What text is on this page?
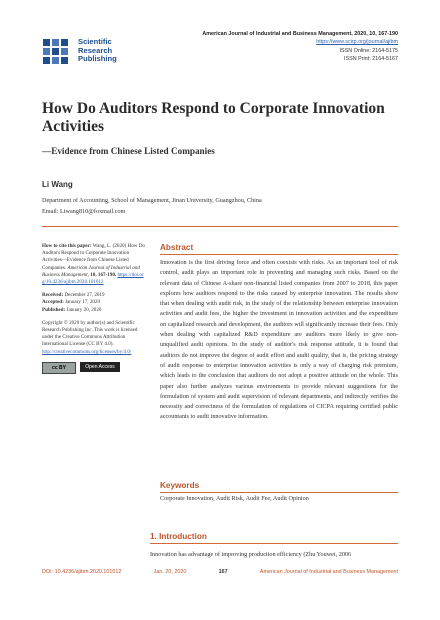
Scientific
Research
Publishing
American Journal of Industrial and Business Management, 2020, 10, 167-190
https://www.scirp.org/journal/ajibm
ISSN Online: 2164-5175
ISSN Print: 2164-5167
How Do Auditors Respond to Corporate Innovation Activities
—Evidence from Chinese Listed Companies
Li Wang
Department of Accounting, School of Management, Jinan University, Guangzhou, China
Email: Liwang810@foxmail.com

How to cite this paper: Wang, L. (2020) How Do Auditors Respond to Corporate Innovation Activities—Evidence from Chinese Listed Companies. American Journal of Industrial and Business Management, 10, 167-190. https://doi.org/10.4236/ajibm.2020.101012

Received: December 27, 2019
Accepted: January 17, 2020
Published: January 20, 2020

Copyright © 2020 by author(s) and Scientific Research Publishing Inc. This work is licensed under the Creative Commons Attribution International License (CC BY 4.0).
http://creativecommons.org/licenses/by/4.0/

cc BY	Open Access
Abstract
Innovation is the first driving force and often coexists with risks. As an important tool of risk control, audit plays an important role in preventing and managing such risks. Based on the relevant data of Chinese A-share non-financial listed companies from 2007 to 2018, this paper explores how auditors respond to the risks caused by enterprise innovation. The results show that when dealing with audit risk, in the study of the relationship between enterprise innovation activities and audit fees, the higher the investment in innovation activities and the expenditure on capitalized research and development, the auditors will significantly increase their fees. Only when dealing with capitalized R&D expenditure are auditors more likely to give non-unqualified audit opinions. In the study of auditor's risk response attitude, it is found that auditors do not improve the degree of audit effort and audit quality, that is, the pricing strategy of audit response to enterprise innovation activities is only a way of charging risk premium, which leads to the conclusion that auditors do not adopt a positive attitude on the whole. This paper also further analyzes various environments to provide relevant suggestions for the formulation of system and audit supervision of relevant departments, and indirectly verifies the necessity and correctness of the formulation of regulations of CICPA requiring certified public accountants to audit innovative information.
Keywords
Corporate Innovation, Audit Risk, Audit Fee, Audit Opinion
1. Introduction
Innovation has advantage of improving production efficiency (Zhu Youwei, 2006
DOI: 10.4236/ajibm.2020.101012	Jan. 20, 2020	167	American Journal of Industrial and Business Management
